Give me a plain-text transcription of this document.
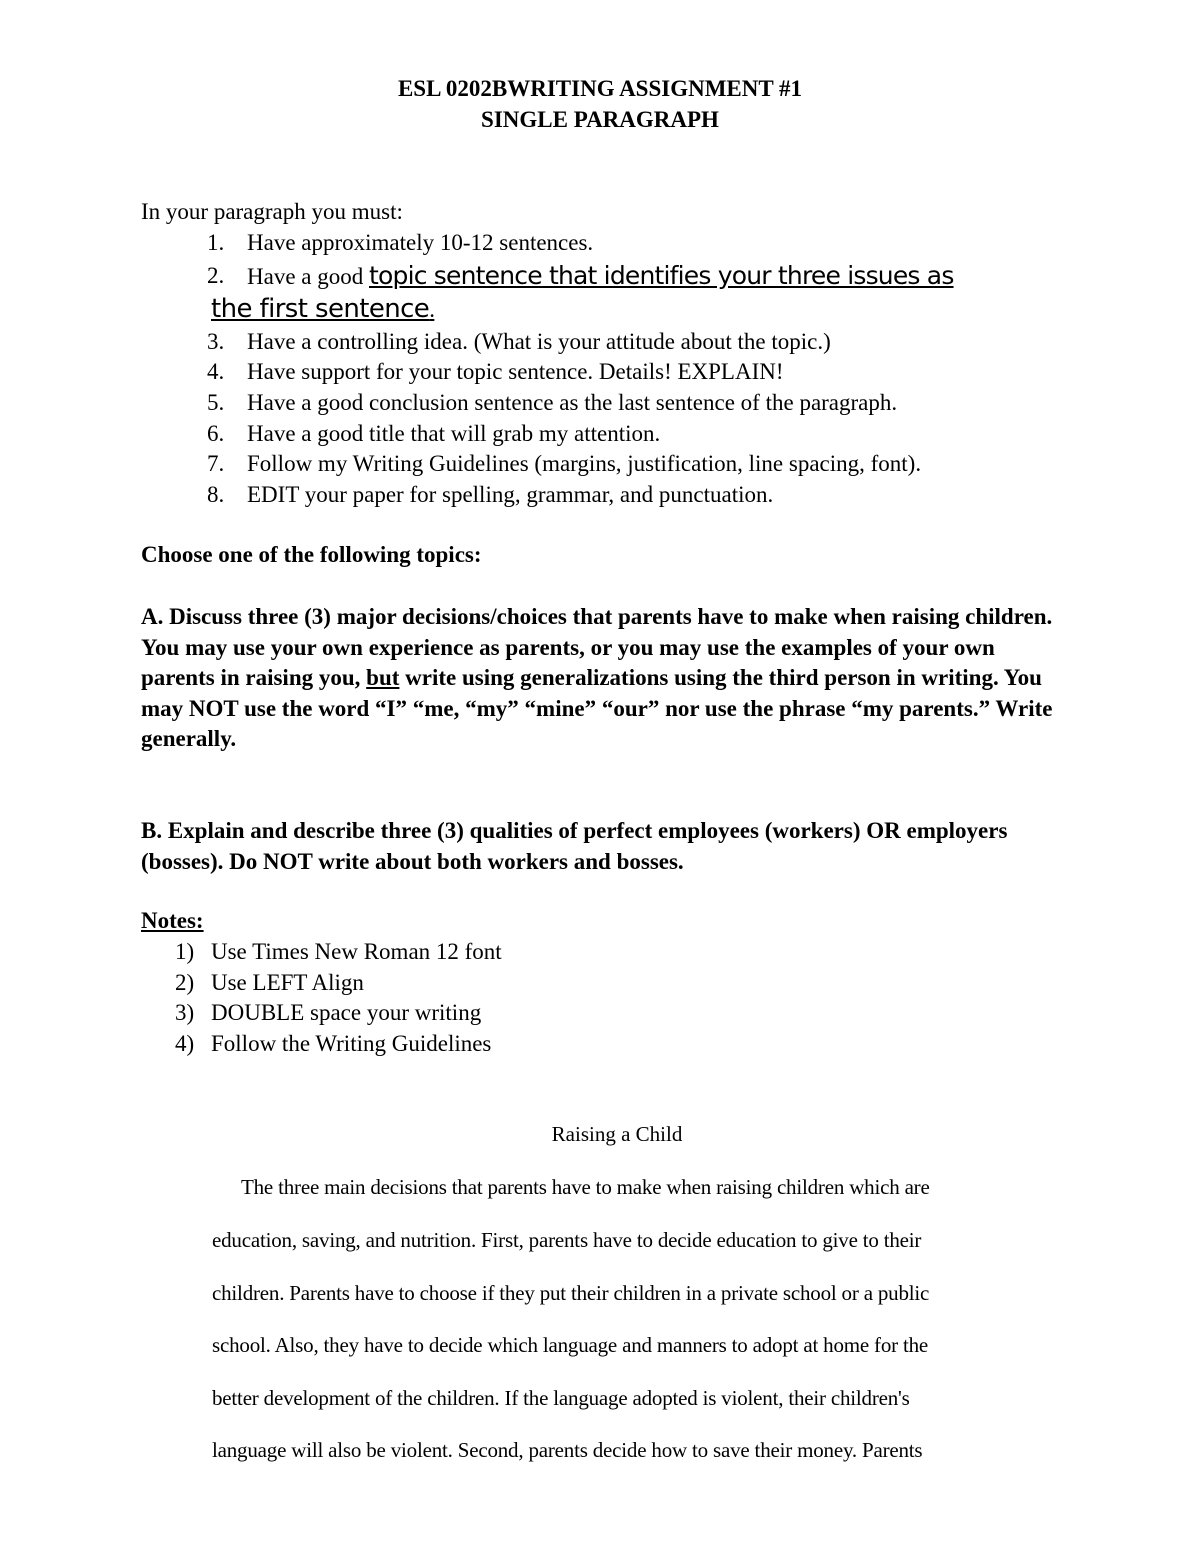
ESL 0202BWRITING ASSIGNMENT #1
SINGLE PARAGRAPH
In your paragraph you must:
1. Have approximately 10-12 sentences.
2. Have a good topic sentence that identifies your three issues as
the first sentence.
3. Have a controlling idea. (What is your attitude about the topic.)
4. Have support for your topic sentence. Details! EXPLAIN!
5. Have a good conclusion sentence as the last sentence of the paragraph.
6. Have a good title that will grab my attention.
7. Follow my Writing Guidelines (margins, justification, line spacing, font).
8. EDIT your paper for spelling, grammar, and punctuation.
Choose one of the following topics:
A. Discuss three (3) major decisions/choices that parents have to make when raising children. You may use your own experience as parents, or you may use the examples of your own parents in raising you, but write using generalizations using the third person in writing. You may NOT use the word “I” “me, “my” “mine” “our” nor use the phrase “my parents.” Write generally.
B. Explain and describe three (3) qualities of perfect employees (workers) OR employers (bosses). Do NOT write about both workers and bosses.
Notes:
1) Use Times New Roman 12 font
2) Use LEFT Align
3) DOUBLE space your writing
4) Follow the Writing Guidelines
Raising a Child
The three main decisions that parents have to make when raising children which are
education, saving, and nutrition. First, parents have to decide education to give to their
children. Parents have to choose if they put their children in a private school or a public
school. Also, they have to decide which language and manners to adopt at home for the
better development of the children. If the language adopted is violent, their children's
language will also be violent. Second, parents decide how to save their money. Parents
